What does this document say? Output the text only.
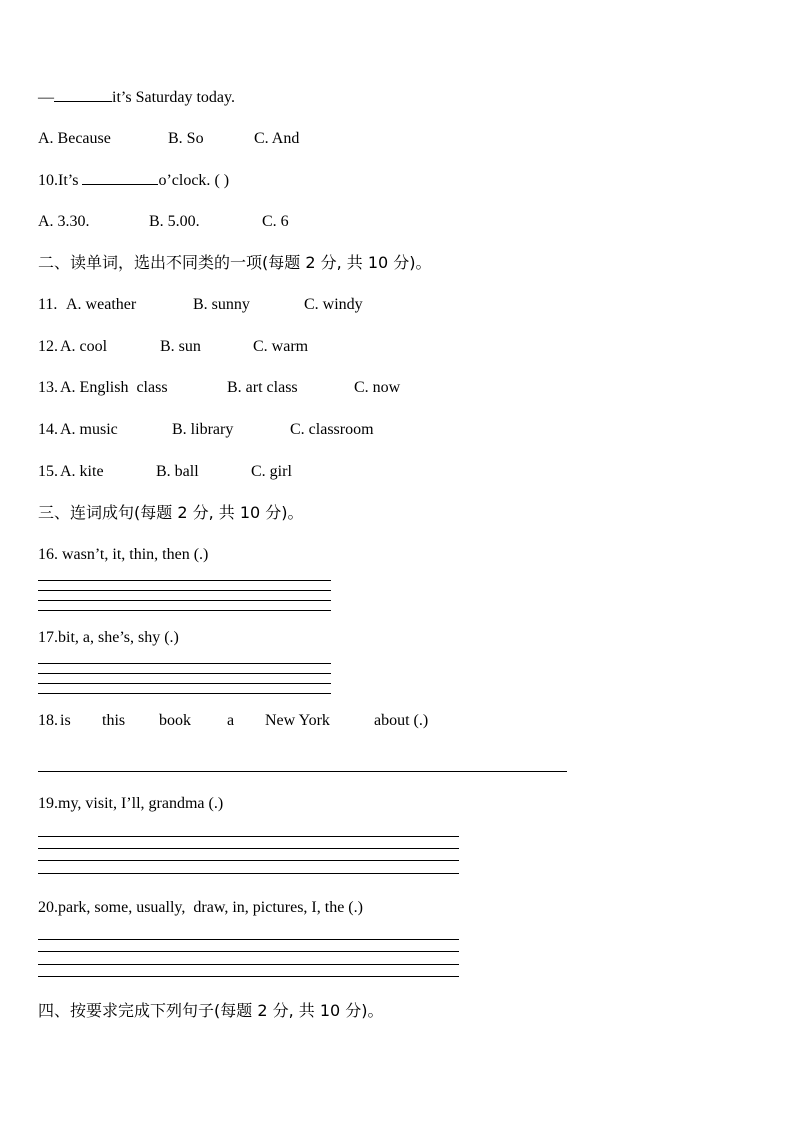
—	it’s Saturday today.
A. Because	B. So	C. And
10.It’s	o’clock. ( )
A. 3.30.	B. 5.00.	C. 6
二、读单词，选出不同类的一项(每题 2 分, 共 10 分)。
11. A. weather	B. sunny	C. windy
12. A. cool	B. sun	C. warm
13. A. English  class	B. art class	C. now
14. A. music	B. library	C. classroom
15. A. kite	B. ball	C. girl
三、连词成句(每题 2 分, 共 10 分)。
16. wasn’t, it, thin, then (.)
17.bit, a, she’s, shy (.)
18. is this book a New York	about (.)
19.my, visit, I’ll, grandma (.)
20.park, some, usually,  draw, in, pictures, I, the (.)
四、按要求完成下列句子(每题 2 分, 共 10 分)。
